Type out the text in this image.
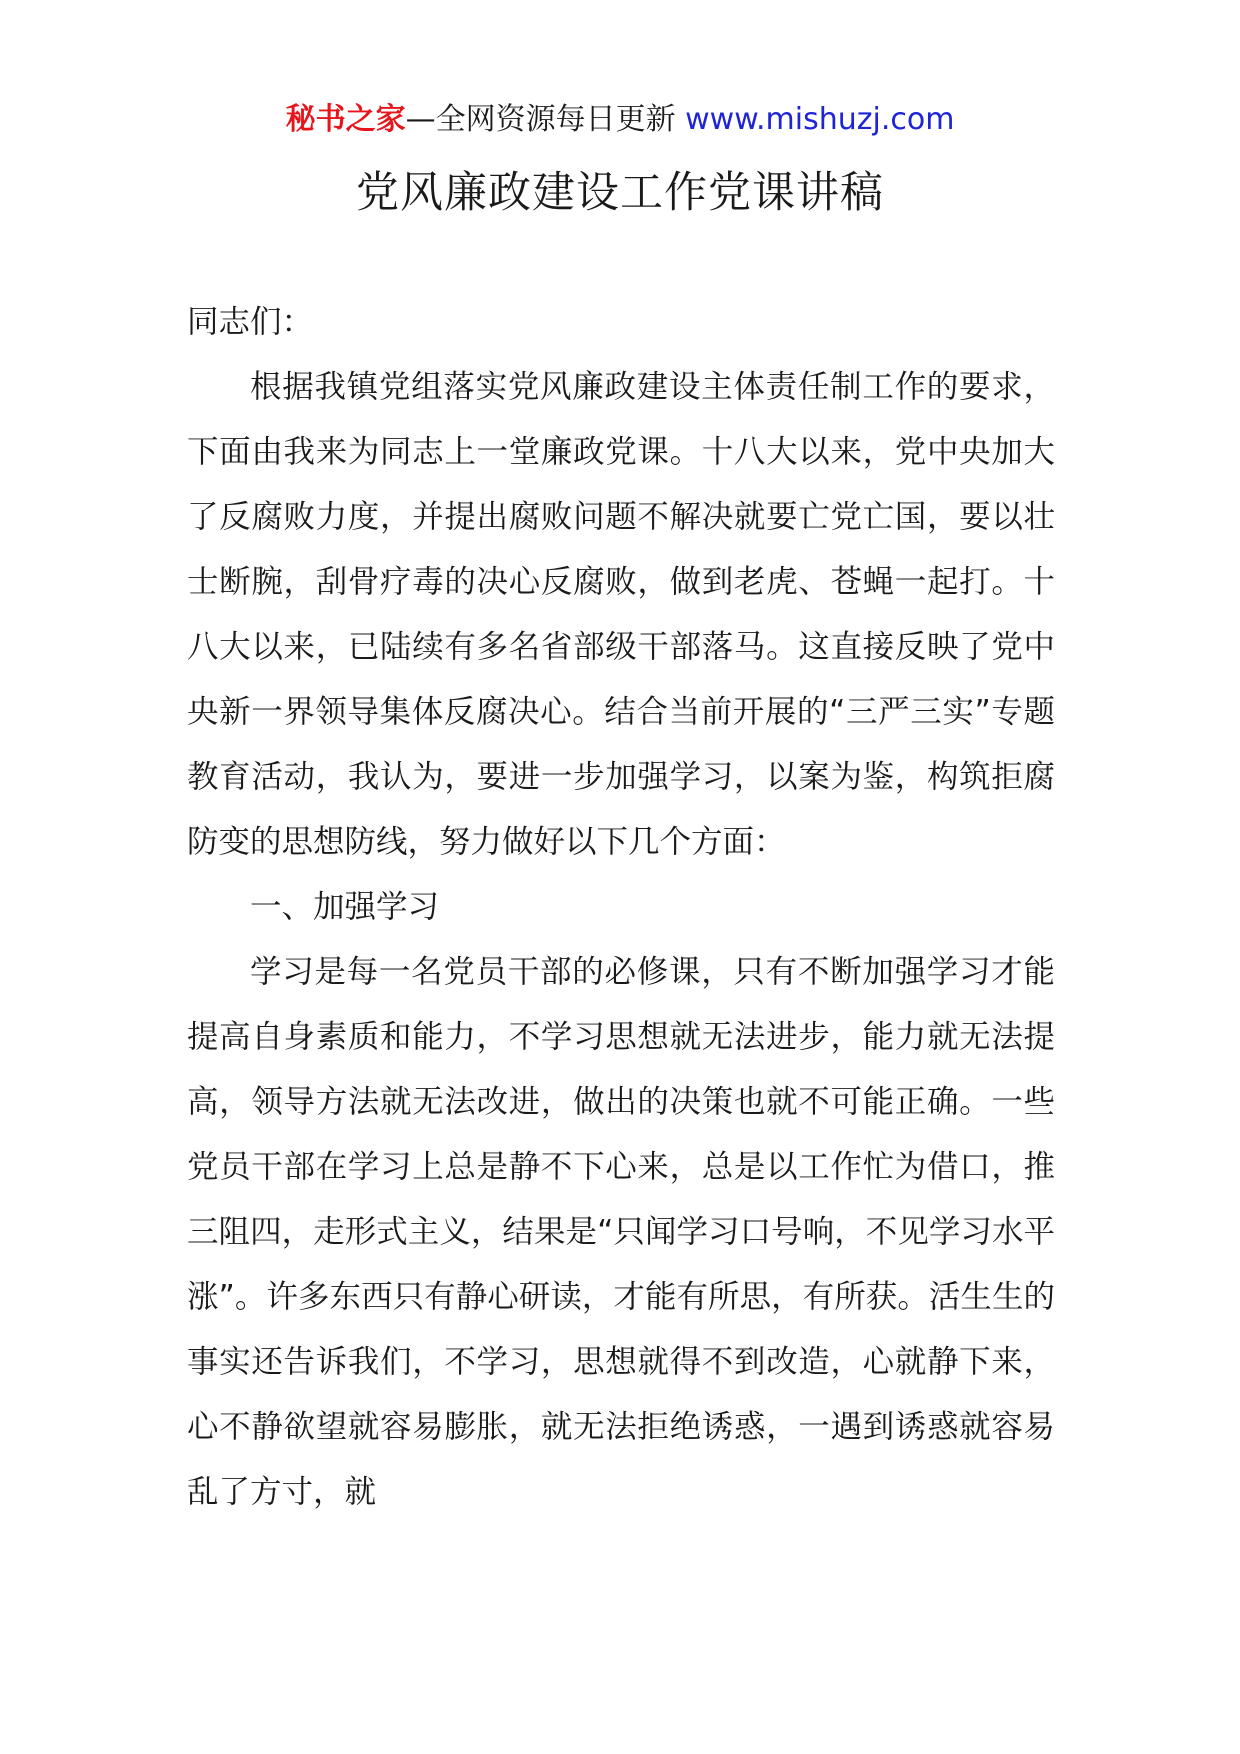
秘书之家—全网资源每日更新 www.mishuzj.com
党风廉政建设工作党课讲稿

同志们：

根据我镇党组落实党风廉政建设主体责任制工作的要求，下面由我来为同志上一堂廉政党课。十八大以来，党中央加大了反腐败力度，并提出腐败问题不解决就要亡党亡国，要以壮士断腕，刮骨疗毒的决心反腐败，做到老虎、苍蝇一起打。十八大以来，已陆续有多名省部级干部落马。这直接反映了党中央新一界领导集体反腐决心。结合当前开展的“三严三实”专题教育活动，我认为，要进一步加强学习，以案为鉴，构筑拒腐防变的思想防线，努力做好以下几个方面：

一、加强学习

学习是每一名党员干部的必修课，只有不断加强学习才能提高自身素质和能力，不学习思想就无法进步，能力就无法提高，领导方法就无法改进，做出的决策也就不可能正确。一些党员干部在学习上总是静不下心来，总是以工作忙为借口，推三阻四，走形式主义，结果是“只闻学习口号响，不见学习水平涨”。许多东西只有静心研读，才能有所思，有所获。活生生的事实还告诉我们，不学习，思想就得不到改造，心就静下来，心不静欲望就容易膨胀，就无法拒绝诱惑，一遇到诱惑就容易乱了方寸，就
